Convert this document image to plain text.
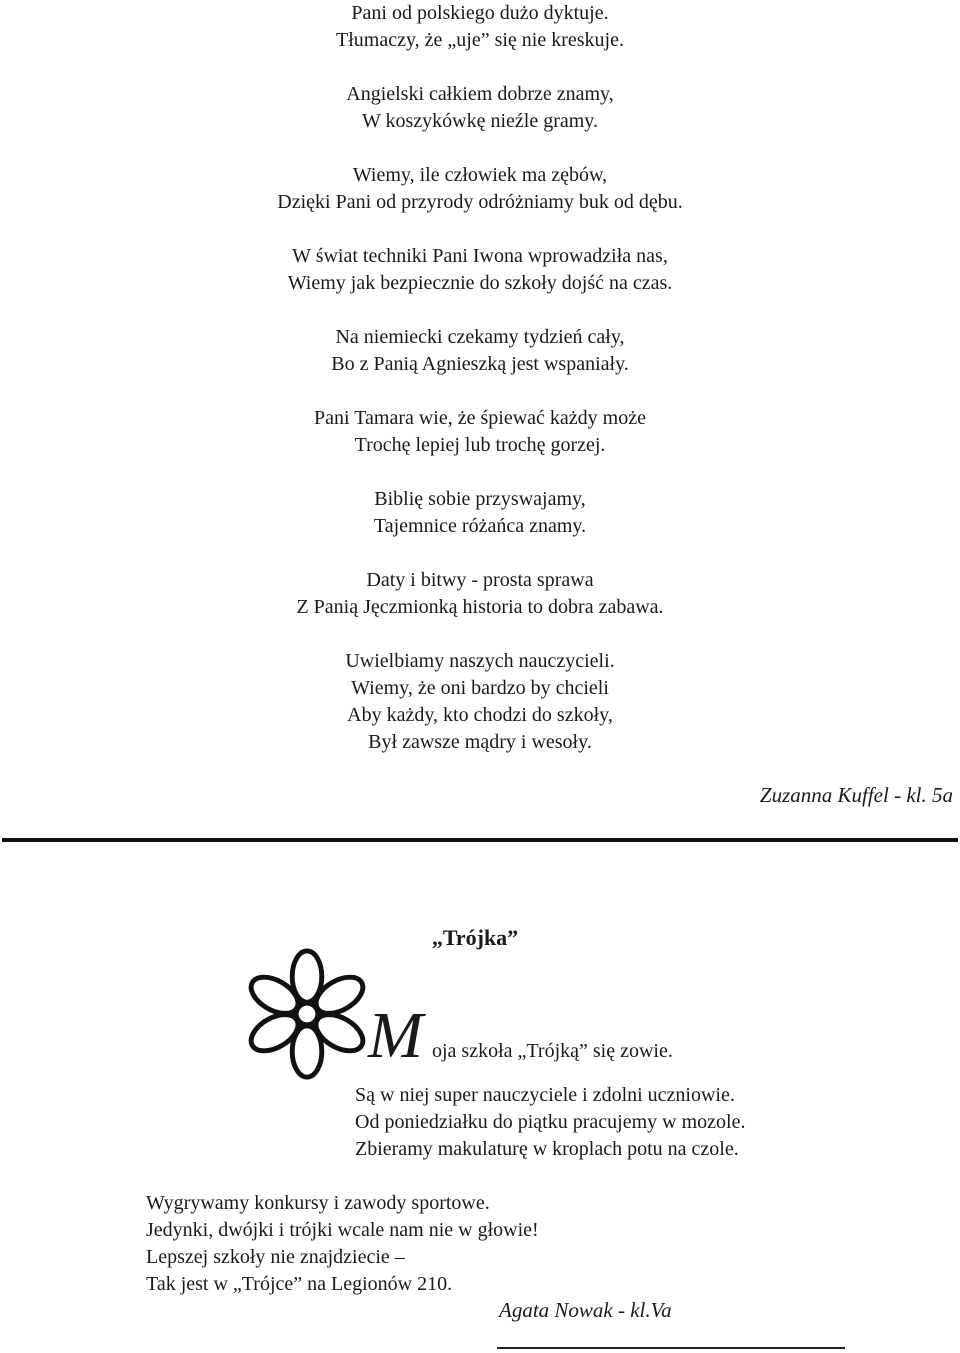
Pani od polskiego dużo dyktuje.
Tłumaczy, że „uje” się nie kreskuje.
Angielski całkiem dobrze znamy,
W koszykówkę nieźle gramy.
Wiemy, ile człowiek ma zębów,
Dzięki Pani od przyrody odróżniamy buk od dębu.
W świat techniki Pani Iwona wprowadziła nas,
Wiemy jak bezpiecznie do szkoły dojść na czas.
Na niemiecki czekamy tydzień cały,
Bo z Panią Agnieszką jest wspaniały.
Pani Tamara wie, że śpiewać każdy może
Trochę lepiej lub trochę gorzej.
Biblię sobie przyswajamy,
Tajemnice różańca znamy.
Daty i bitwy - prosta sprawa
Z Panią Jęczmionką historia to dobra zabawa.
Uwielbiamy naszych nauczycieli.
Wiemy, że oni bardzo by chcieli
Aby każdy, kto chodzi do szkoły,
Był zawsze mądry i wesoły.
Zuzanna Kuffel - kl. 5a
„Trójka”
M oja szkoła „Trójką” się zowie.
Są w niej super nauczyciele i zdolni uczniowie.
Od poniedziałku do piątku pracujemy w mozole.
Zbieramy makulaturę w kroplach potu na czole.
Wygrywamy konkursy i zawody sportowe.
Jedynki, dwójki i trójki wcale nam nie w głowie!
Lepszej szkoły nie znajdziecie –
Tak jest w „Trójce” na Legionów 210.
Agata Nowak - kl.Va
